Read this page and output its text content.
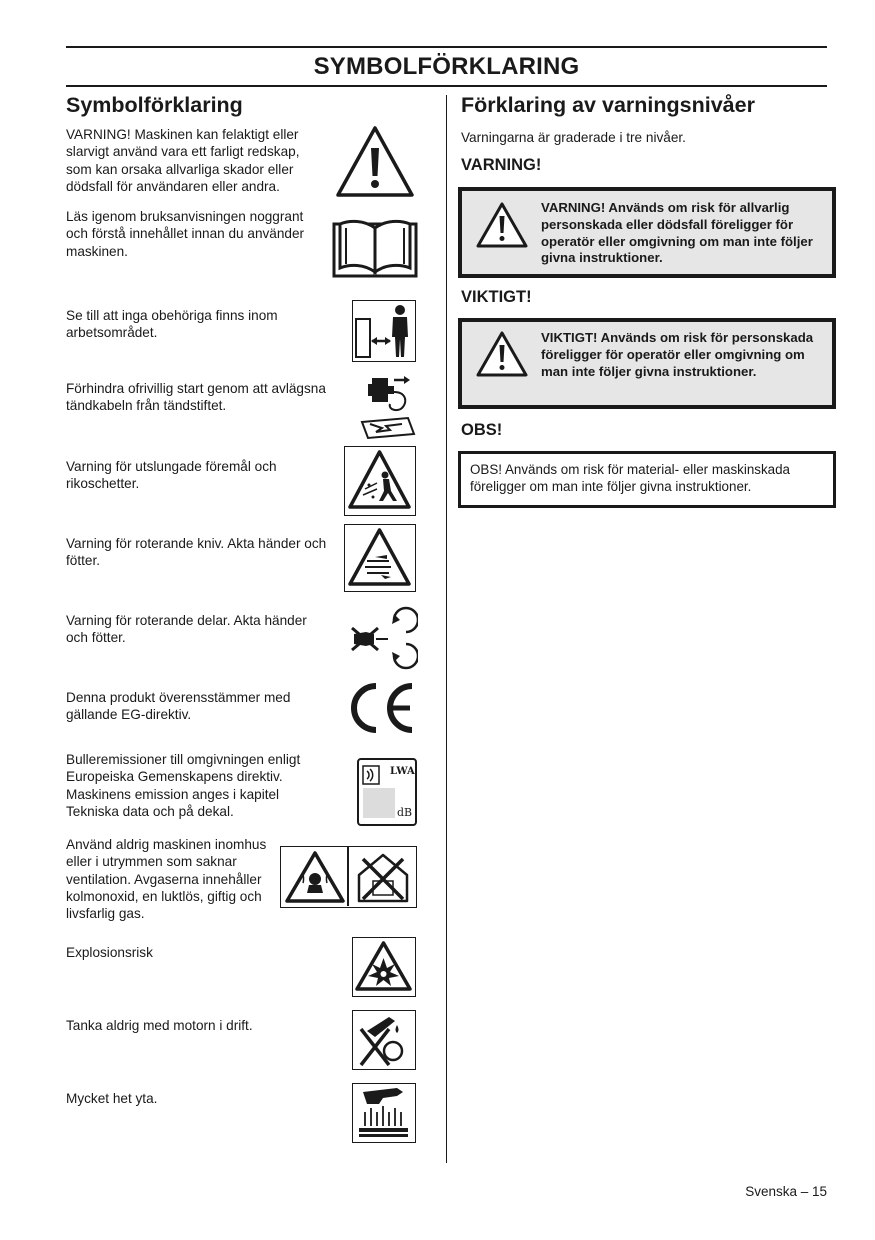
SYMBOLFÖRKLARING
Symbolförklaring
VARNING! Maskinen kan felaktigt eller slarvigt använd vara ett farligt redskap, som kan orsaka allvarliga skador eller dödsfall för användaren eller andra.
Läs igenom bruksanvisningen noggrant och förstå innehållet innan du använder maskinen.
Se till att inga obehöriga finns inom arbetsområdet.
Förhindra ofrivillig start genom att avlägsna tändkabeln från tändstiftet.
Varning för utslungade föremål och rikoschetter.
Varning för roterande kniv. Akta händer och fötter.
Varning för roterande delar. Akta händer och fötter.
Denna produkt överensstämmer med gällande EG-direktiv.
Bulleremissioner till omgivningen enligt Europeiska Gemenskapens direktiv. Maskinens emission anges i kapitel Tekniska data och på dekal.
LWA
dB
Använd aldrig maskinen inomhus eller i utrymmen som saknar ventilation. Avgaserna innehåller kolmonoxid, en luktlös, giftig och livsfarlig gas.
Explosionsrisk
Tanka aldrig med motorn i drift.
Mycket het yta.
Förklaring av varningsnivåer
Varningarna är graderade i tre nivåer.
VARNING!
VARNING! Används om risk för allvarlig personskada eller dödsfall föreligger för operatör eller omgivning om man inte följer givna instruktioner.
VIKTIGT!
VIKTIGT! Används om risk för personskada föreligger för operatör eller omgivning om man inte följer givna instruktioner.
OBS!
OBS! Används om risk för material- eller maskinskada föreligger om man inte följer givna instruktioner.
Svenska – 15
